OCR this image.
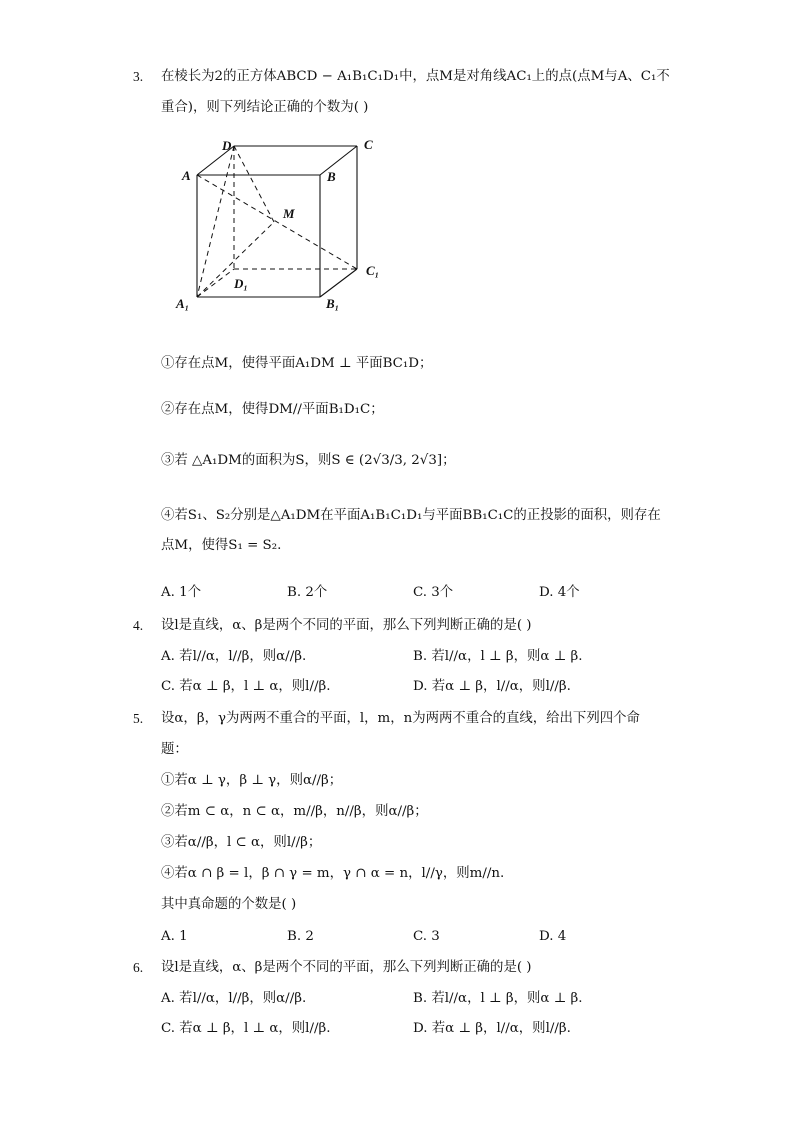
3. 在棱长为2的正方体ABCD − A₁B₁C₁D₁中，点M是对角线AC₁上的点(点M与A、C₁不
重合)，则下列结论正确的个数为( )
D	C
A	B
M
C₁
D₁
A₁	B₁
①存在点M，使得平面A₁DM ⊥ 平面BC₁D；
②存在点M，使得DM//平面B₁D₁C；
③若 △A₁DM的面积为S，则S ∈ (2√3/3, 2√3]；
④若S₁、S₂分别是△A₁DM在平面A₁B₁C₁D₁与平面BB₁C₁C的正投影的面积，则存在
点M，使得S₁ = S₂.
A. 1个	B. 2个	C. 3个	D. 4个
4. 设l是直线，α、β是两个不同的平面，那么下列判断正确的是( )
A. 若l//α，l//β，则α//β.	B. 若l//α，l ⊥ β，则α ⊥ β.
C. 若α ⊥ β，l ⊥ α，则l//β.	D. 若α ⊥ β，l//α，则l//β.
5. 设α，β，γ为两两不重合的平面，l，m，n为两两不重合的直线，给出下列四个命
题：
①若α ⊥ γ，β ⊥ γ，则α//β；
②若m ⊂ α，n ⊂ α，m//β，n//β，则α//β；
③若α//β，l ⊂ α，则l//β；
④若α ∩ β = l，β ∩ γ = m，γ ∩ α = n，l//γ，则m//n.
其中真命题的个数是( )
A. 1	B. 2	C. 3	D. 4
6. 设l是直线，α、β是两个不同的平面，那么下列判断正确的是( )
A. 若l//α，l//β，则α//β.	B. 若l//α，l ⊥ β，则α ⊥ β.
C. 若α ⊥ β，l ⊥ α，则l//β.	D. 若α ⊥ β，l//α，则l//β.
